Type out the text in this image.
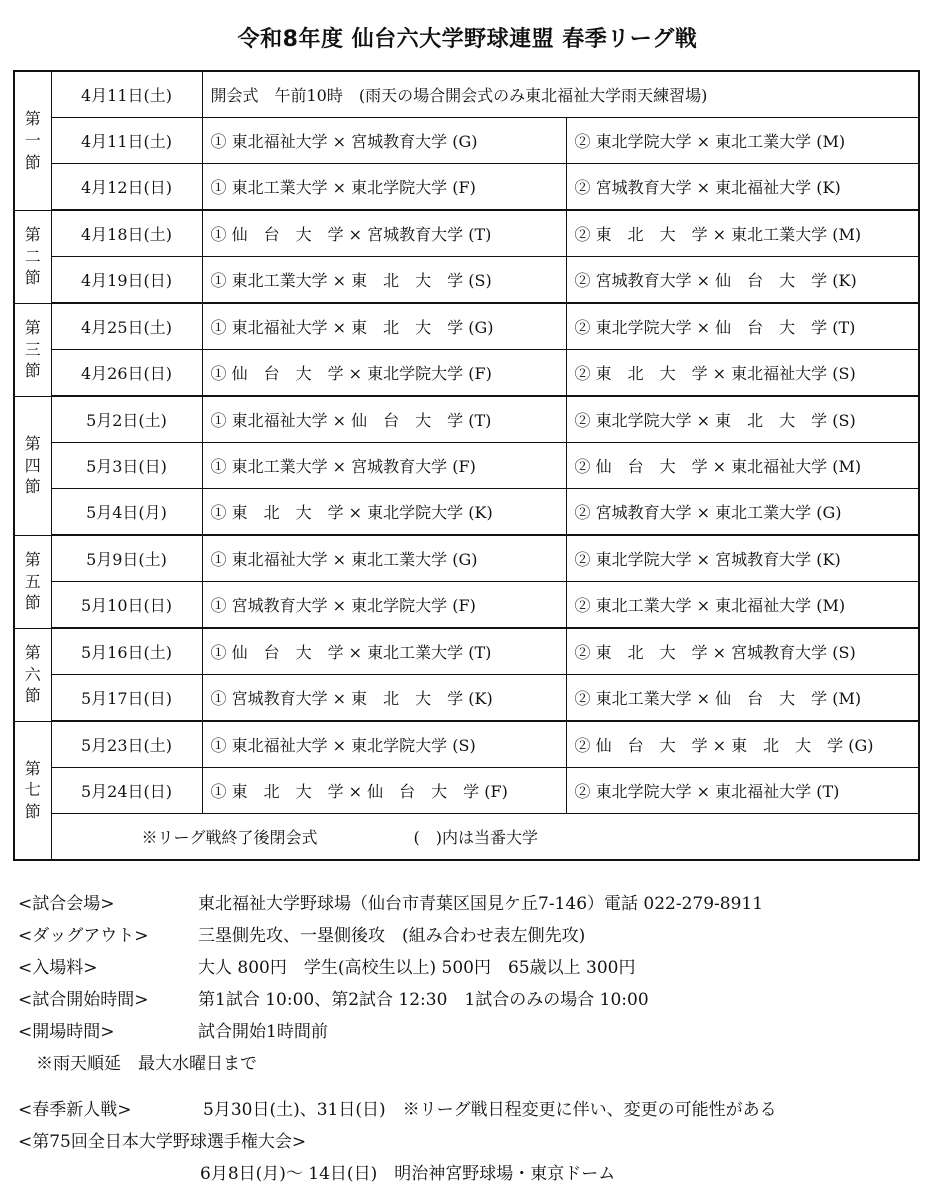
令和8年度 仙台六大学野球連盟 春季リーグ戦
第
一
節	4月11日(土)	開会式　午前10時　(雨天の場合開会式のみ東北福祉大学雨天練習場)	
	4月11日(土)	① 東北福祉大学 × 宮城教育大学 (G)	② 東北学院大学 × 東北工業大学 (M)
	4月12日(日)	① 東北工業大学 × 東北学院大学 (F)	② 宮城教育大学 × 東北福祉大学 (K)

第
二
節	4月18日(土)	① 仙　台　大　学 × 宮城教育大学 (T)	② 東　北　大　学 × 東北工業大学 (M)
	4月19日(日)	① 東北工業大学 × 東　北　大　学 (S)	② 宮城教育大学 × 仙　台　大　学 (K)

第
三
節	4月25日(土)	① 東北福祉大学 × 東　北　大　学 (G)	② 東北学院大学 × 仙　台　大　学 (T)
	4月26日(日)	① 仙　台　大　学 × 東北学院大学 (F)	② 東　北　大　学 × 東北福祉大学 (S)

第
四
節	5月2日(土)	① 東北福祉大学 × 仙　台　大　学 (T)	② 東北学院大学 × 東　北　大　学 (S)
	5月3日(日)	① 東北工業大学 × 宮城教育大学 (F)	② 仙　台　大　学 × 東北福祉大学 (M)
	5月4日(月)	① 東　北　大　学 × 東北学院大学 (K)	② 宮城教育大学 × 東北工業大学 (G)

第
五
節	5月9日(土)	① 東北福祉大学 × 東北工業大学 (G)	② 東北学院大学 × 宮城教育大学 (K)
	5月10日(日)	① 宮城教育大学 × 東北学院大学 (F)	② 東北工業大学 × 東北福祉大学 (M)

第
六
節	5月16日(土)	① 仙　台　大　学 × 東北工業大学 (T)	② 東　北　大　学 × 宮城教育大学 (S)
	5月17日(日)	① 宮城教育大学 × 東　北　大　学 (K)	② 東北工業大学 × 仙　台　大　学 (M)

第
七
節	5月23日(土)	① 東北福祉大学 × 東北学院大学 (S)	② 仙　台　大　学 × 東　北　大　学 (G)
	5月24日(日)	① 東　北　大　学 × 仙　台　大　学 (F)	② 東北学院大学 × 東北福祉大学 (T)
	※リーグ戦終了後閉会式　　　　　　(　)内は当番大学		
<試合会場>	東北福祉大学野球場（仙台市青葉区国見ケ丘7-146）電話 022-279-8911
<ダッグアウト>	三塁側先攻、一塁側後攻　(組み合わせ表左側先攻)
<入場料>	大人 800円　学生(高校生以上) 500円　65歳以上 300円
<試合開始時間>	第1試合 10:00、第2試合 12:30　1試合のみの場合 10:00
<開場時間>	試合開始1時間前
※雨天順延　最大水曜日まで
<春季新人戦>	5月30日(土)、31日(日)　※リーグ戦日程変更に伴い、変更の可能性がある
<第75回全日本大学野球選手権大会>
6月8日(月)〜 14日(日)　明治神宮野球場・東京ドーム
